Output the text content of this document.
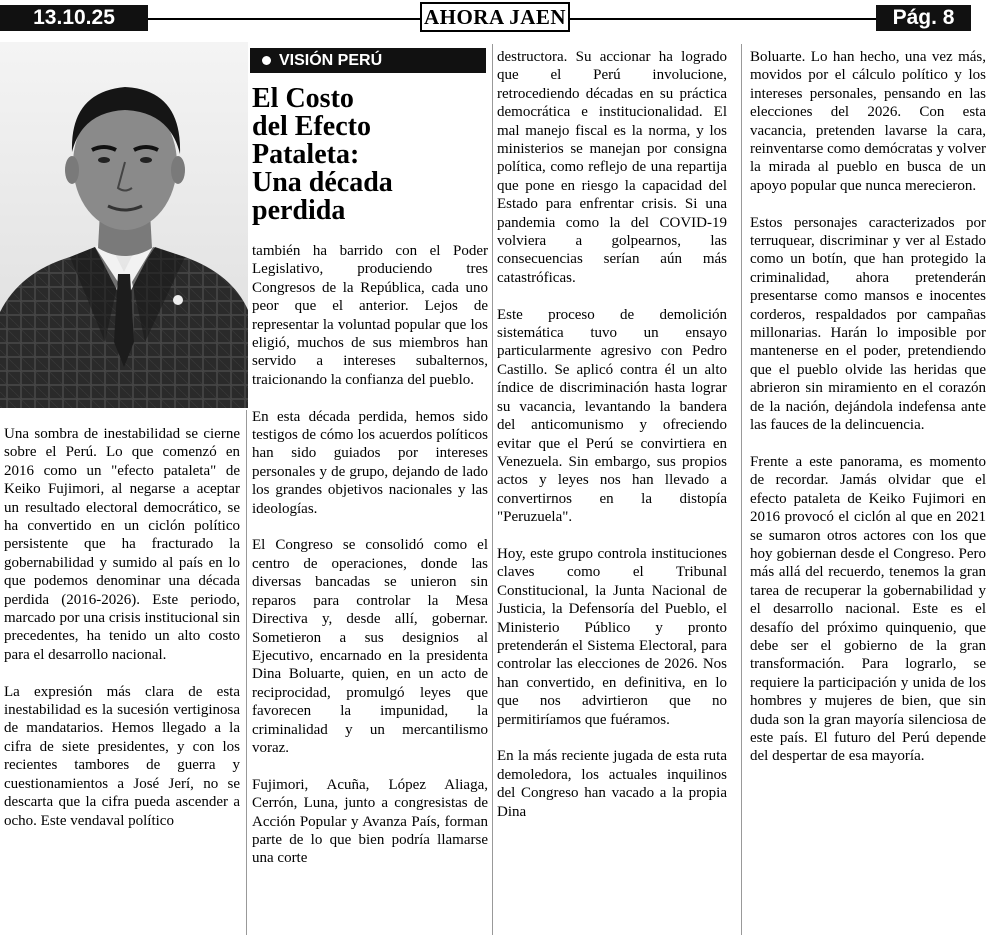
13.10.25	AHORA JAEN	Pág. 8
VISIÓN PERÚ
El Costo
del Efecto
Pataleta:
Una década
perdida

Una sombra de inestabilidad se cierne sobre el Perú. Lo que comenzó en 2016 como un "efecto pataleta" de Keiko Fujimori, al negarse a aceptar un resultado electoral democrático, se ha convertido en un ciclón político persistente que ha fracturado la gobernabilidad y sumido al país en lo que podemos denominar una década perdida (2016-2026). Este periodo, marcado por una crisis institucional sin precedentes, ha tenido un alto costo para el desarrollo nacional.

La expresión más clara de esta inestabilidad es la sucesión vertiginosa de mandatarios. Hemos llegado a la cifra de siete presidentes, y con los recientes tambores de guerra y cuestionamientos a José Jerí, no se descarta que la cifra pueda ascender a ocho. Este vendaval político

también ha barrido con el Poder Legislativo, produciendo tres Congresos de la República, cada uno peor que el anterior. Lejos de representar la voluntad popular que los eligió, muchos de sus miembros han servido a intereses subalternos, traicionando la confianza del pueblo.

En esta década perdida, hemos sido testigos de cómo los acuerdos políticos han sido guiados por intereses personales y de grupo, dejando de lado los grandes objetivos nacionales y las ideologías.

El Congreso se consolidó como el centro de operaciones, donde las diversas bancadas se unieron sin reparos para controlar la Mesa Directiva y, desde allí, gobernar. Sometieron a sus designios al Ejecutivo, encarnado en la presidenta Dina Boluarte, quien, en un acto de reciprocidad, promulgó leyes que favorecen la impunidad, la criminalidad y un mercantilismo voraz.

Fujimori, Acuña, López Aliaga, Cerrón, Luna, junto a congresistas de Acción Popular y Avanza País, forman parte de lo que bien podría llamarse una corte

destructora. Su accionar ha logrado que el Perú involucione, retrocediendo décadas en su práctica democrática e institucionalidad. El mal manejo fiscal es la norma, y los ministerios se manejan por consigna política, como reflejo de una repartija que pone en riesgo la capacidad del Estado para enfrentar crisis. Si una pandemia como la del COVID-19 volviera a golpearnos, las consecuencias serían aún más catastróficas.

Este proceso de demolición sistemática tuvo un ensayo particularmente agresivo con Pedro Castillo. Se aplicó contra él un alto índice de discriminación hasta lograr su vacancia, levantando la bandera del anticomunismo y ofreciendo evitar que el Perú se convirtiera en Venezuela. Sin embargo, sus propios actos y leyes nos han llevado a convertirnos en la distopía "Peruzuela".

Hoy, este grupo controla instituciones claves como el Tribunal Constitucional, la Junta Nacional de Justicia, la Defensoría del Pueblo, el Ministerio Público y pronto pretenderán el Sistema Electoral, para controlar las elecciones de 2026. Nos han convertido, en definitiva, en lo que nos advirtieron que no permitiríamos que fuéramos.

En la más reciente jugada de esta ruta demoledora, los actuales inquilinos del Congreso han vacado a la propia Dina

Boluarte. Lo han hecho, una vez más, movidos por el cálculo político y los intereses personales, pensando en las elecciones del 2026. Con esta vacancia, pretenden lavarse la cara, reinventarse como demócratas y volver la mirada al pueblo en busca de un apoyo popular que nunca merecieron.

Estos personajes caracterizados por terruquear, discriminar y ver al Estado como un botín, que han protegido la criminalidad, ahora pretenderán presentarse como mansos e inocentes corderos, respaldados por campañas millonarias. Harán lo imposible por mantenerse en el poder, pretendiendo que el pueblo olvide las heridas que abrieron sin miramiento en el corazón de la nación, dejándola indefensa ante las fauces de la delincuencia.

Frente a este panorama, es momento de recordar. Jamás olvidar que el efecto pataleta de Keiko Fujimori en 2016 provocó el ciclón al que en 2021 se sumaron otros actores con los que hoy gobiernan desde el Congreso. Pero más allá del recuerdo, tenemos la gran tarea de recuperar la gobernabilidad y el desarrollo nacional. Este es el desafío del próximo quinquenio, que debe ser el gobierno de la gran transformación. Para lograrlo, se requiere la participación y unida de los hombres y mujeres de bien, que sin duda son la gran mayoría silenciosa de este país. El futuro del Perú depende del despertar de esa mayoría.
